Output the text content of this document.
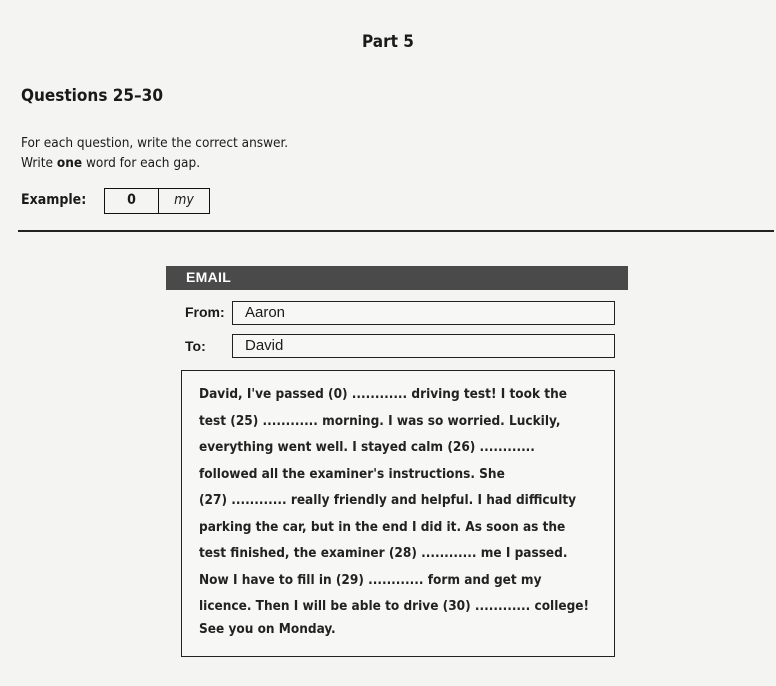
Part 5
Questions 25–30
For each question, write the correct answer.
Write one word for each gap.
Example:	0	my
EMAIL
From:	Aaron
To:	David
David, I've passed (0) ............ driving test! I took the
test (25) ............ morning. I was so worried. Luckily,
everything went well. I stayed calm (26) ............
followed all the examiner's instructions. She
(27) ............ really friendly and helpful. I had difficulty
parking the car, but in the end I did it. As soon as the
test finished, the examiner (28) ............ me I passed.
Now I have to fill in (29) ............ form and get my
licence. Then I will be able to drive (30) ............ college!
See you on Monday.
